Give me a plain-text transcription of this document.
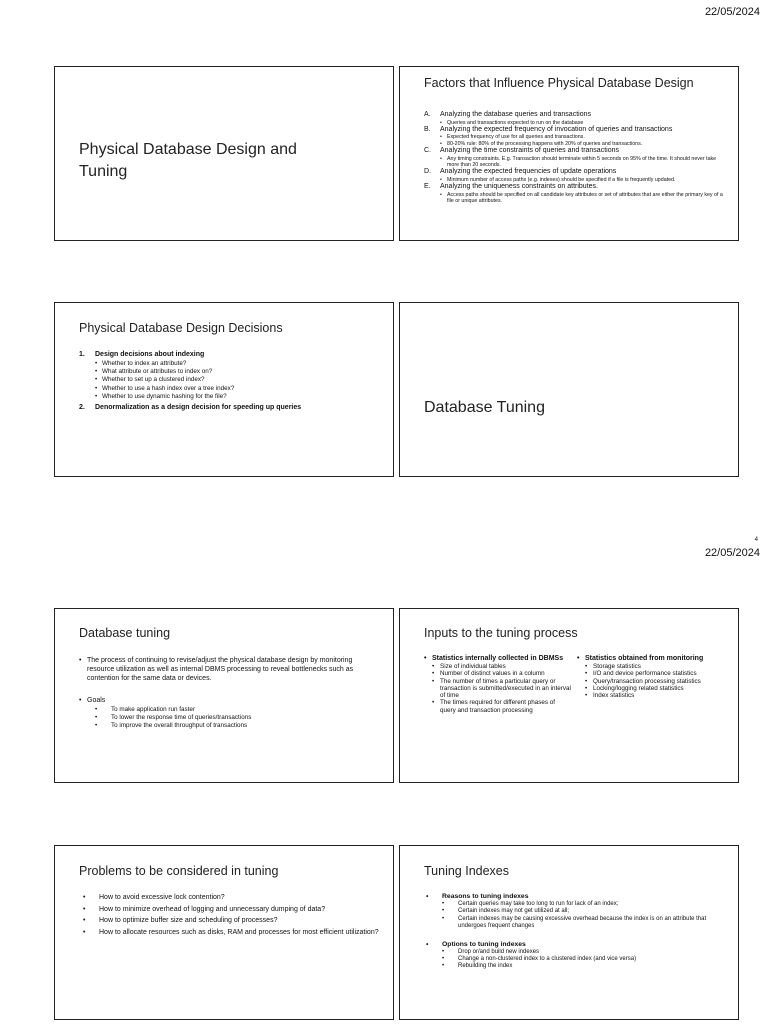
22/05/2024
4
22/05/2024
Physical Database Design and Tuning
Factors that Influence Physical Database Design
A.	Analyzing the database queries and transactions
• Queries and transactions expected to run on the database
B.	Analyzing the expected frequency of invocation of queries and transactions
• Expected frequency of use for all queries and transactions.
• 80-20% rule: 80% of the processing happens with 20% of queries and transactions.
C.	Analyzing the time constraints of queries and transactions
• Any timing constraints. E.g. Transaction should terminate within 5 seconds on 95% of the time. It should never take more than 20 seconds.
D.	Analyzing the expected frequencies of update operations
• Minimum number of access paths (e.g. indexes) should be specified if a file is frequently updated.
E.	Analyzing the uniqueness constraints on attributes.
• Access paths should be specified on all candidate key attributes or set of attributes that are either the primary key of a file or unique attributes.
Physical Database Design Decisions
1.	Design decisions about indexing
• Whether to index an attribute?
• What attribute or attributes to index on?
• Whether to set up a clustered index?
• Whether to use a hash index over a tree index?
• Whether to use dynamic hashing for the file?
2.	Denormalization as a design decision for speeding up queries	Database Tuning
Database tuning
• The process of continuing to revise/adjust the physical database design by monitoring resource utilization as well as internal DBMS processing to reveal bottlenecks such as contention for the same data or devices.
• Goals
•	To make application run faster
•	To lower the response time of queries/transactions
•	To improve the overall throughput of transactions
Inputs to the tuning process
• Statistics internally collected in DBMSs
• Size of individual tables
• Number of distinct values in a column
• The number of times a particular query or transaction is submitted/executed in an interval of time
• The times required for different phases of query and transaction processing
• Statistics obtained from monitoring
• Storage statistics
• I/O and device performance statistics
• Query/transaction processing statistics
• Locking/logging related statistics
• Index statistics
Problems to be considered in tuning
•	How to avoid excessive lock contention?
•	How to minimize overhead of logging and unnecessary dumping of data?
•	How to optimize buffer size and scheduling of processes?
•	How to allocate resources such as disks, RAM and processes for most efficient utilization?
Tuning Indexes
•	Reasons to tuning indexes
•	Certain queries may take too long to run for lack of an index;
•	Certain indexes may not get utilized at all;
•	Certain indexes may be causing excessive overhead because the index is on an attribute that undergoes frequent changes
•	Options to tuning indexes
•	Drop or/and build new indexes
•	Change a non-clustered index to a clustered index (and vice versa)
•	Rebuilding the index
